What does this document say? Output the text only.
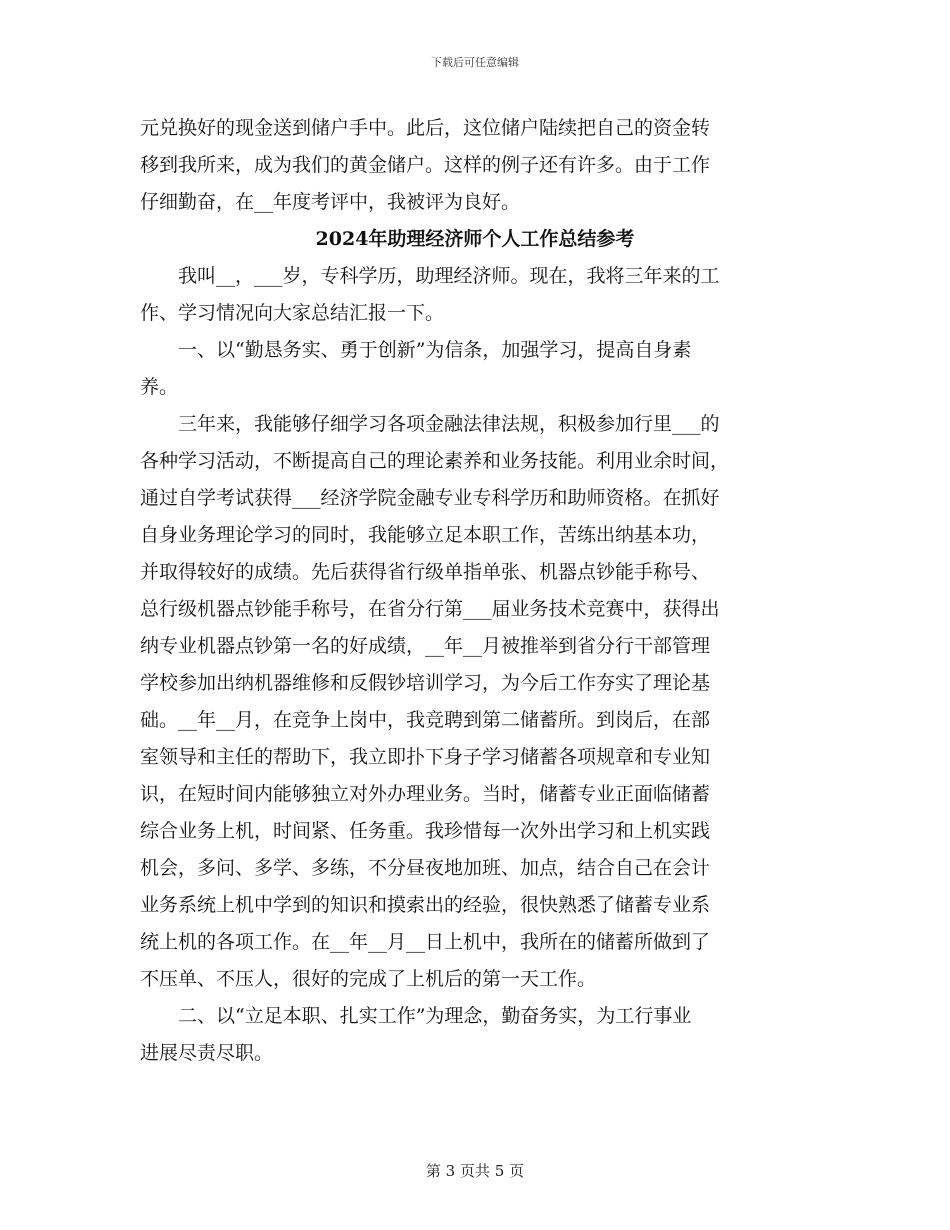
下载后可任意编辑
元兑换好的现金送到储户手中。此后，这位储户陆续把自己的资金转
移到我所来，成为我们的黄金储户。这样的例子还有许多。由于工作
仔细勤奋，在__年度考评中，我被评为良好。
2024年助理经济师个人工作总结参考
　　我叫__，___岁，专科学历，助理经济师。现在，我将三年来的工
作、学习情况向大家总结汇报一下。
　　一、以“勤恳务实、勇于创新”为信条，加强学习，提高自身素
养。
　　三年来，我能够仔细学习各项金融法律法规，积极参加行里___的
各种学习活动，不断提高自己的理论素养和业务技能。利用业余时间，
通过自学考试获得___经济学院金融专业专科学历和助师资格。在抓好
自身业务理论学习的同时，我能够立足本职工作，苦练出纳基本功，
并取得较好的成绩。先后获得省行级单指单张、机器点钞能手称号、
总行级机器点钞能手称号，在省分行第___届业务技术竞赛中，获得出
纳专业机器点钞第一名的好成绩，__年__月被推举到省分行干部管理
学校参加出纳机器维修和反假钞培训学习，为今后工作夯实了理论基
础。__年__月，在竞争上岗中，我竞聘到第二储蓄所。到岗后，在部
室领导和主任的帮助下，我立即扑下身子学习储蓄各项规章和专业知
识，在短时间内能够独立对外办理业务。当时，储蓄专业正面临储蓄
综合业务上机，时间紧、任务重。我珍惜每一次外出学习和上机实践
机会，多问、多学、多练，不分昼夜地加班、加点，结合自己在会计
业务系统上机中学到的知识和摸索出的经验，很快熟悉了储蓄专业系
统上机的各项工作。在__年__月__日上机中，我所在的储蓄所做到了
不压单、不压人，很好的完成了上机后的第一天工作。
　　二、以“立足本职、扎实工作”为理念，勤奋务实，为工行事业
进展尽责尽职。
第 3 页共 5 页
